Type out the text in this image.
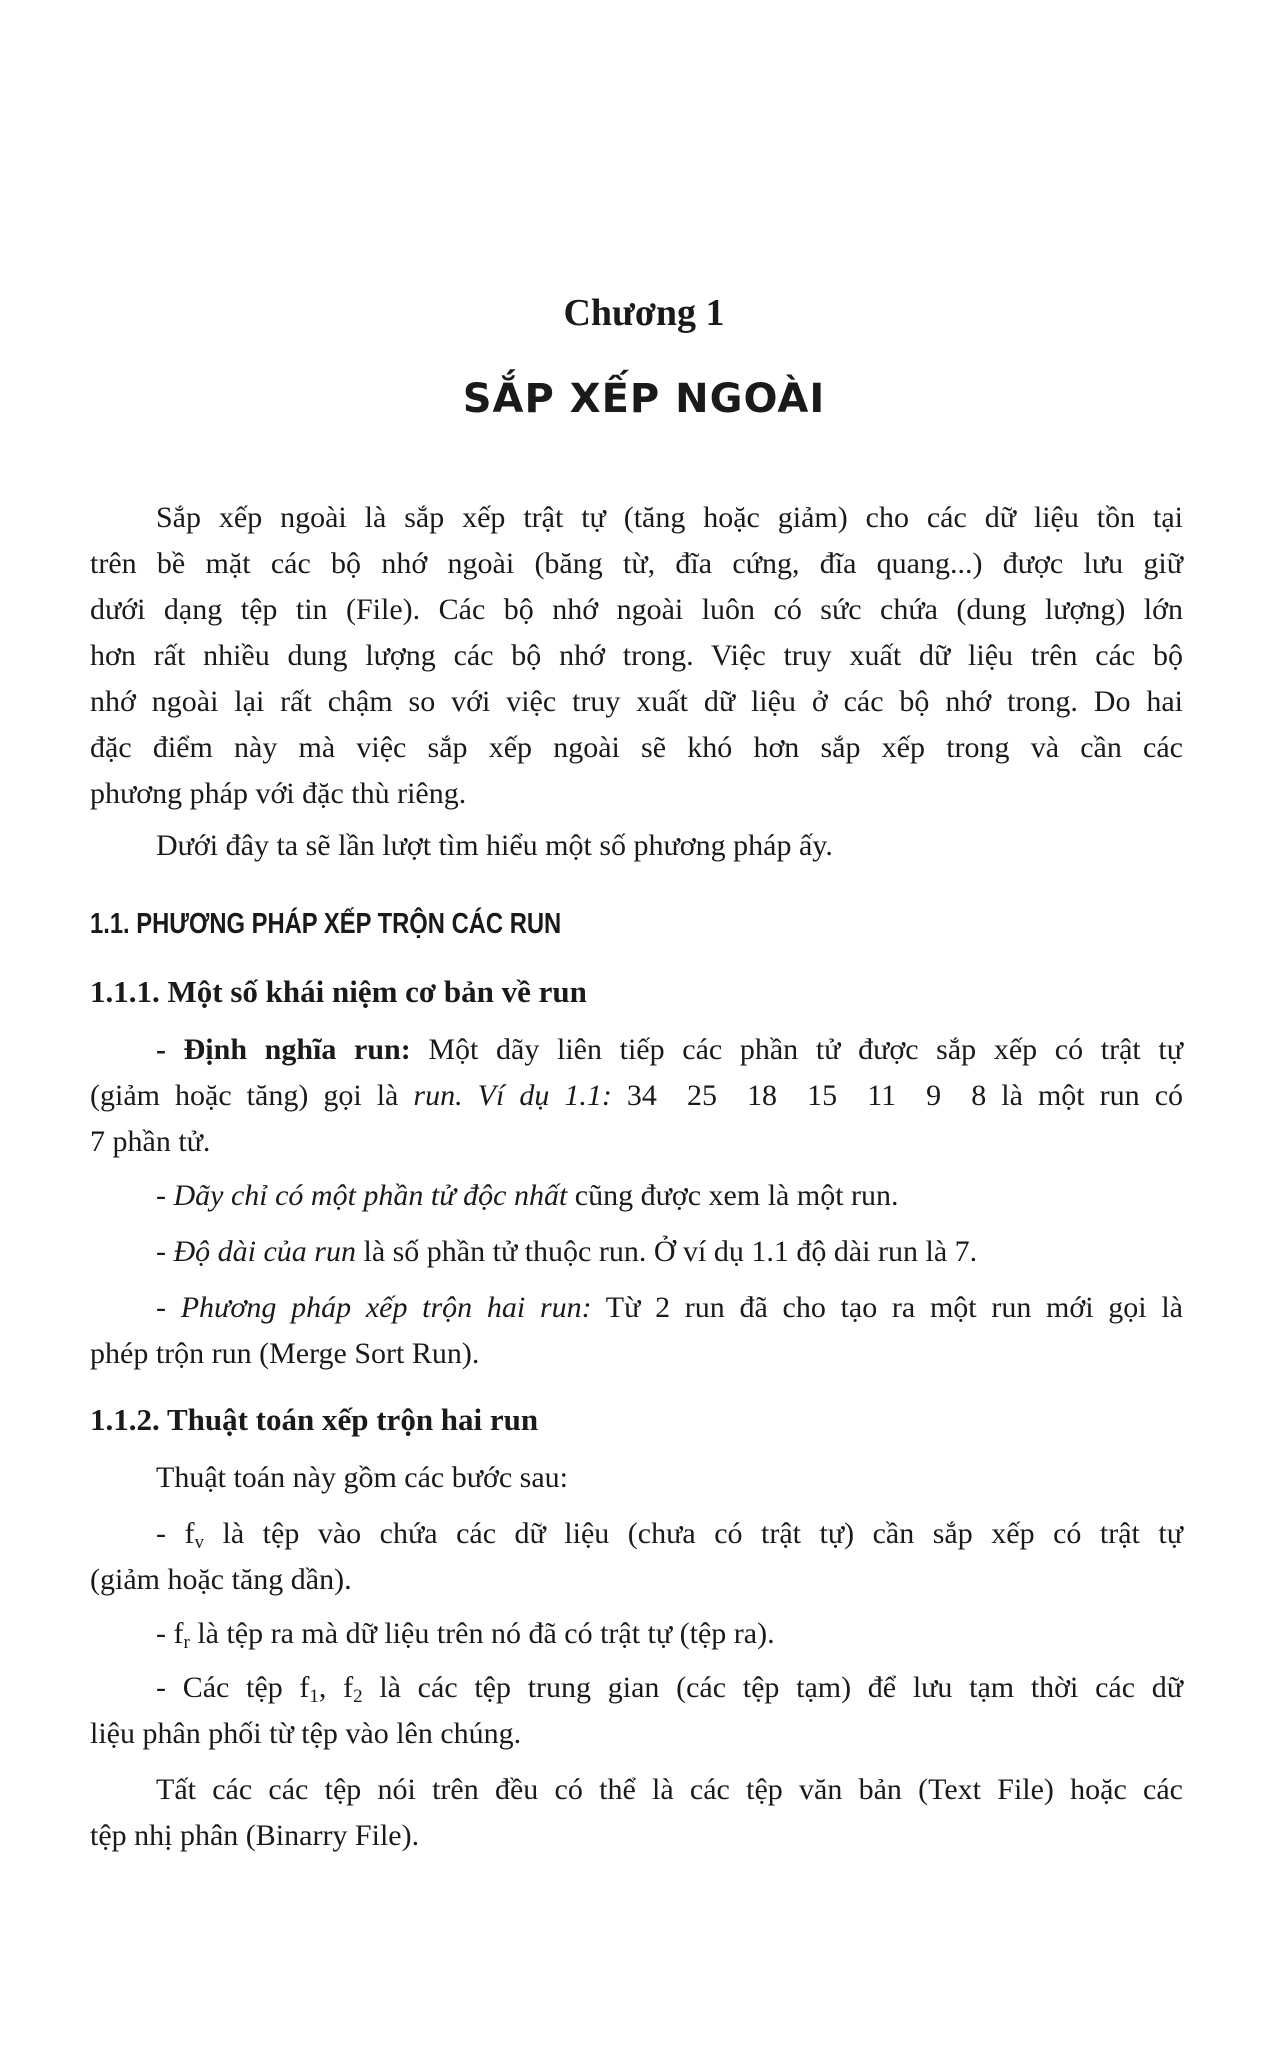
Chương 1
SẮP XẾP NGOÀI

Sắp xếp ngoài là sắp xếp trật tự (tăng hoặc giảm) cho các dữ liệu tồn tại

trên bề mặt các bộ nhớ ngoài (băng từ, đĩa cứng, đĩa quang...) được lưu giữ

dưới dạng tệp tin (File). Các bộ nhớ ngoài luôn có sức chứa (dung lượng) lớn

hơn rất nhiều dung lượng các bộ nhớ trong. Việc truy xuất dữ liệu trên các bộ

nhớ ngoài lại rất chậm so với việc truy xuất dữ liệu ở các bộ nhớ trong. Do hai

đặc điểm này mà việc sắp xếp ngoài sẽ khó hơn sắp xếp trong và cần các

phương pháp với đặc thù riêng.

Dưới đây ta sẽ lần lượt tìm hiểu một số phương pháp ấy.

1.1. PHƯƠNG PHÁP XẾP TRỘN CÁC RUN
1.1.1. Một số khái niệm cơ bản về run

- Định nghĩa run: Một dãy liên tiếp các phần tử được sắp xếp có trật tự

(giảm hoặc tăng) gọi là run. Ví dụ 1.1: 34  25  18  15  11  9  8 là một run có

7 phần tử.

- Dãy chỉ có một phần tử độc nhất cũng được xem là một run.

- Độ dài của run là số phần tử thuộc run. Ở ví dụ 1.1 độ dài run là 7.

- Phương pháp xếp trộn hai run: Từ 2 run đã cho tạo ra một run mới gọi là

phép trộn run (Merge Sort Run).

1.1.2. Thuật toán xếp trộn hai run

Thuật toán này gồm các bước sau:

- $f_v$ là tệp vào chứa các dữ liệu (chưa có trật tự) cần sắp xếp có trật tự

(giảm hoặc tăng dần).

- $f_r$ là tệp ra mà dữ liệu trên nó đã có trật tự (tệp ra).

- Các tệp $f_1$, $f_2$ là các tệp trung gian (các tệp tạm) để lưu tạm thời các dữ

liệu phân phối từ tệp vào lên chúng.

Tất các các tệp nói trên đều có thể là các tệp văn bản (Text File) hoặc các

tệp nhị phân (Binarry File).
